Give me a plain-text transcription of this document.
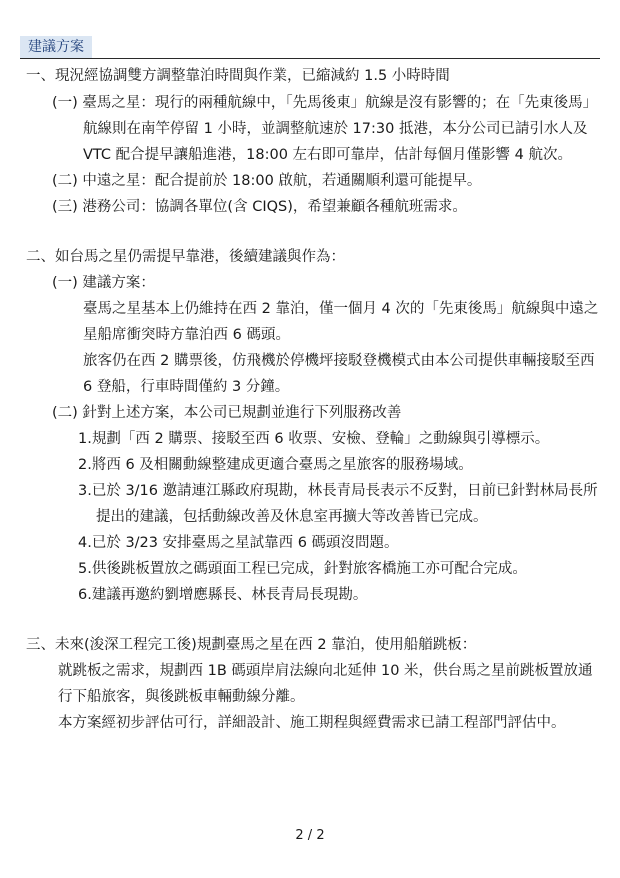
建議方案
一、現況經協調雙方調整靠泊時間與作業，已縮減約 1.5 小時時間
(一) 臺馬之星：現行的兩種航線中，「先馬後東」航線是沒有影響的；在「先東後馬」
航線則在南竿停留 1 小時，並調整航速於 17:30 抵港，本分公司已請引水人及
VTC 配合提早讓船進港，18:00 左右即可靠岸，估計每個月僅影響 4 航次。
(二) 中遠之星：配合提前於 18:00 啟航，若通關順利還可能提早。
(三) 港務公司：協調各單位(含 CIQS)，希望兼顧各種航班需求。
二、如台馬之星仍需提早靠港，後續建議與作為：
(一) 建議方案：
臺馬之星基本上仍維持在西 2 靠泊，僅一個月 4 次的「先東後馬」航線與中遠之
星船席衝突時方靠泊西 6 碼頭。
旅客仍在西 2 購票後，仿飛機於停機坪接駁登機模式由本公司提供車輛接駁至西
6 登船，行車時間僅約 3 分鐘。
(二) 針對上述方案，本公司已規劃並進行下列服務改善
1.規劃「西 2 購票、接駁至西 6 收票、安檢、登輪」之動線與引導標示。
2.將西 6 及相關動線整建成更適合臺馬之星旅客的服務場域。
3.已於 3/16 邀請連江縣政府現勘，林長青局長表示不反對，日前已針對林局長所
提出的建議，包括動線改善及休息室再擴大等改善皆已完成。
4.已於 3/23 安排臺馬之星試靠西 6 碼頭沒問題。
5.供後跳板置放之碼頭面工程已完成，針對旅客橋施工亦可配合完成。
6.建議再邀約劉增應縣長、林長青局長現勘。
三、未來(浚深工程完工後)規劃臺馬之星在西 2 靠泊，使用船艏跳板：
就跳板之需求，規劃西 1B 碼頭岸肩法線向北延伸 10 米，供台馬之星前跳板置放通
行下船旅客，與後跳板車輛動線分離。
本方案經初步評估可行，詳細設計、施工期程與經費需求已請工程部門評估中。
2 / 2
